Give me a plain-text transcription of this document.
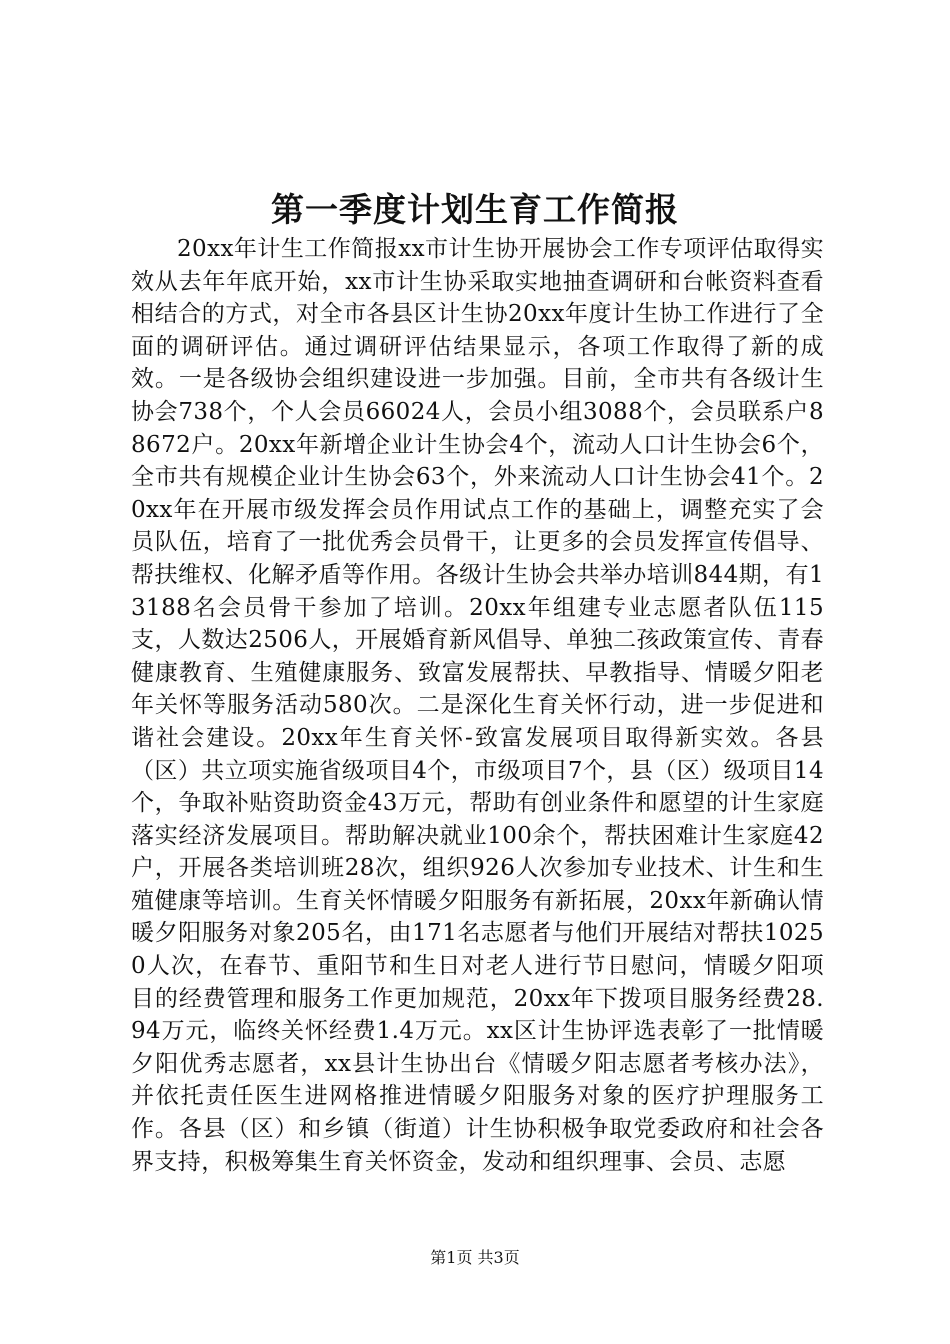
第一季度计划生育工作简报

20xx年计生工作简报xx市计生协开展协会工作专项评估取得实效从去年年底开始，xx市计生协采取实地抽查调研和台帐资料查看相结合的方式，对全市各县区计生协20xx年度计生协工作进行了全面的调研评估。通过调研评估结果显示，各项工作取得了新的成效。一是各级协会组织建设进一步加强。目前，全市共有各级计生协会738个，个人会员66024人，会员小组3088个，会员联系户88672户。20xx年新增企业计生协会4个，流动人口计生协会6个，全市共有规模企业计生协会63个，外来流动人口计生协会41个。20xx年在开展市级发挥会员作用试点工作的基础上，调整充实了会员队伍，培育了一批优秀会员骨干，让更多的会员发挥宣传倡导、帮扶维权、化解矛盾等作用。各级计生协会共举办培训844期，有13188名会员骨干参加了培训。20xx年组建专业志愿者队伍115支，人数达2506人，开展婚育新风倡导、单独二孩政策宣传、青春健康教育、生殖健康服务、致富发展帮扶、早教指导、情暖夕阳老年关怀等服务活动580次。二是深化生育关怀行动，进一步促进和谐社会建设。20xx年生育关怀-致富发展项目取得新实效。各县（区）共立项实施省级项目4个，市级项目7个，县（区）级项目14个，争取补贴资助资金43万元，帮助有创业条件和愿望的计生家庭落实经济发展项目。帮助解决就业100余个，帮扶困难计生家庭42户，开展各类培训班28次，组织926人次参加专业技术、计生和生殖健康等培训。生育关怀情暖夕阳服务有新拓展，20xx年新确认情暖夕阳服务对象205名，由171名志愿者与他们开展结对帮扶10250人次，在春节、重阳节和生日对老人进行节日慰问，情暖夕阳项目的经费管理和服务工作更加规范，20xx年下拨项目服务经费28.94万元，临终关怀经费1.4万元。xx区计生协评选表彰了一批情暖夕阳优秀志愿者，xx县计生协出台《情暖夕阳志愿者考核办法》，并依托责任医生进网格推进情暖夕阳服务对象的医疗护理服务工作。各县（区）和乡镇（街道）计生协积极争取党委政府和社会各界支持，积极筹集生育关怀资金，发动和组织理事、会员、志愿

第1页 共3页
